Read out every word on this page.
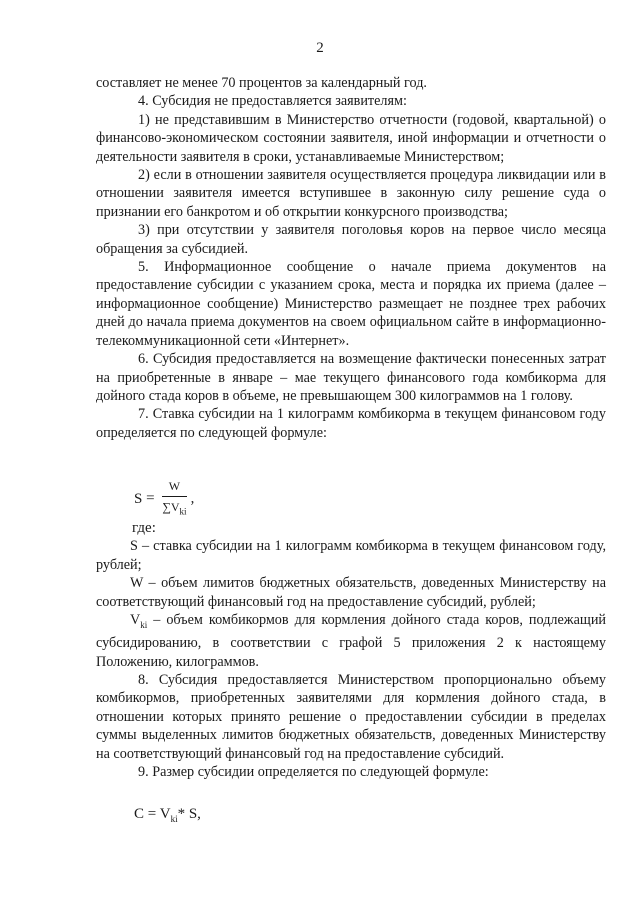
2

составляет не менее 70 процентов за календарный год.

4. Субсидия не предоставляется заявителям:

1) не представившим в Министерство отчетности (годовой, квартальной) о финансово-экономическом состоянии заявителя, иной информации и отчетности о деятельности заявителя в сроки, устанавливаемые Министерством;

2) если в отношении заявителя осуществляется процедура ликвидации или в отношении заявителя имеется вступившее в законную силу решение суда о признании его банкротом и об открытии конкурсного производства;

3) при отсутствии у заявителя поголовья коров на первое число месяца обращения за субсидией.

5. Информационное сообщение о начале приема документов на предоставление субсидии с указанием срока, места и порядка их приема (далее – информационное сообщение) Министерство размещает не позднее трех рабочих дней до начала приема документов на своем официальном сайте в информационно-телекоммуникационной сети «Интернет».

6. Субсидия предоставляется на возмещение фактически понесенных затрат на приобретенные в январе – мае текущего финансового года комбикорма для дойного стада коров в объеме, не превышающем 300 килограммов на 1 голову.

7. Ставка субсидии на 1 килограмм комбикорма в текущем финансовом году определяется по следующей формуле:

$S = \frac{W}{\sum V_{ki}}$ ,

где:

S – ставка субсидии на 1 килограмм комбикорма в текущем финансовом году, рублей;

W – объем лимитов бюджетных обязательств, доведенных Министерству на соответствующий финансовый год на предоставление субсидий, рублей;

$V_{ki}$ – объем комбикормов для кормления дойного стада коров, подлежащий субсидированию, в соответствии с графой 5 приложения 2 к настоящему Положению, килограммов.

8. Субсидия предоставляется Министерством пропорционально объему комбикормов, приобретенных заявителями для кормления дойного стада, в отношении которых принято решение о предоставлении субсидии в пределах суммы выделенных лимитов бюджетных обязательств, доведенных Министерству на соответствующий финансовый год на предоставление субсидий.

9. Размер субсидии определяется по следующей формуле:

$C = V_{ki}*$ S,
